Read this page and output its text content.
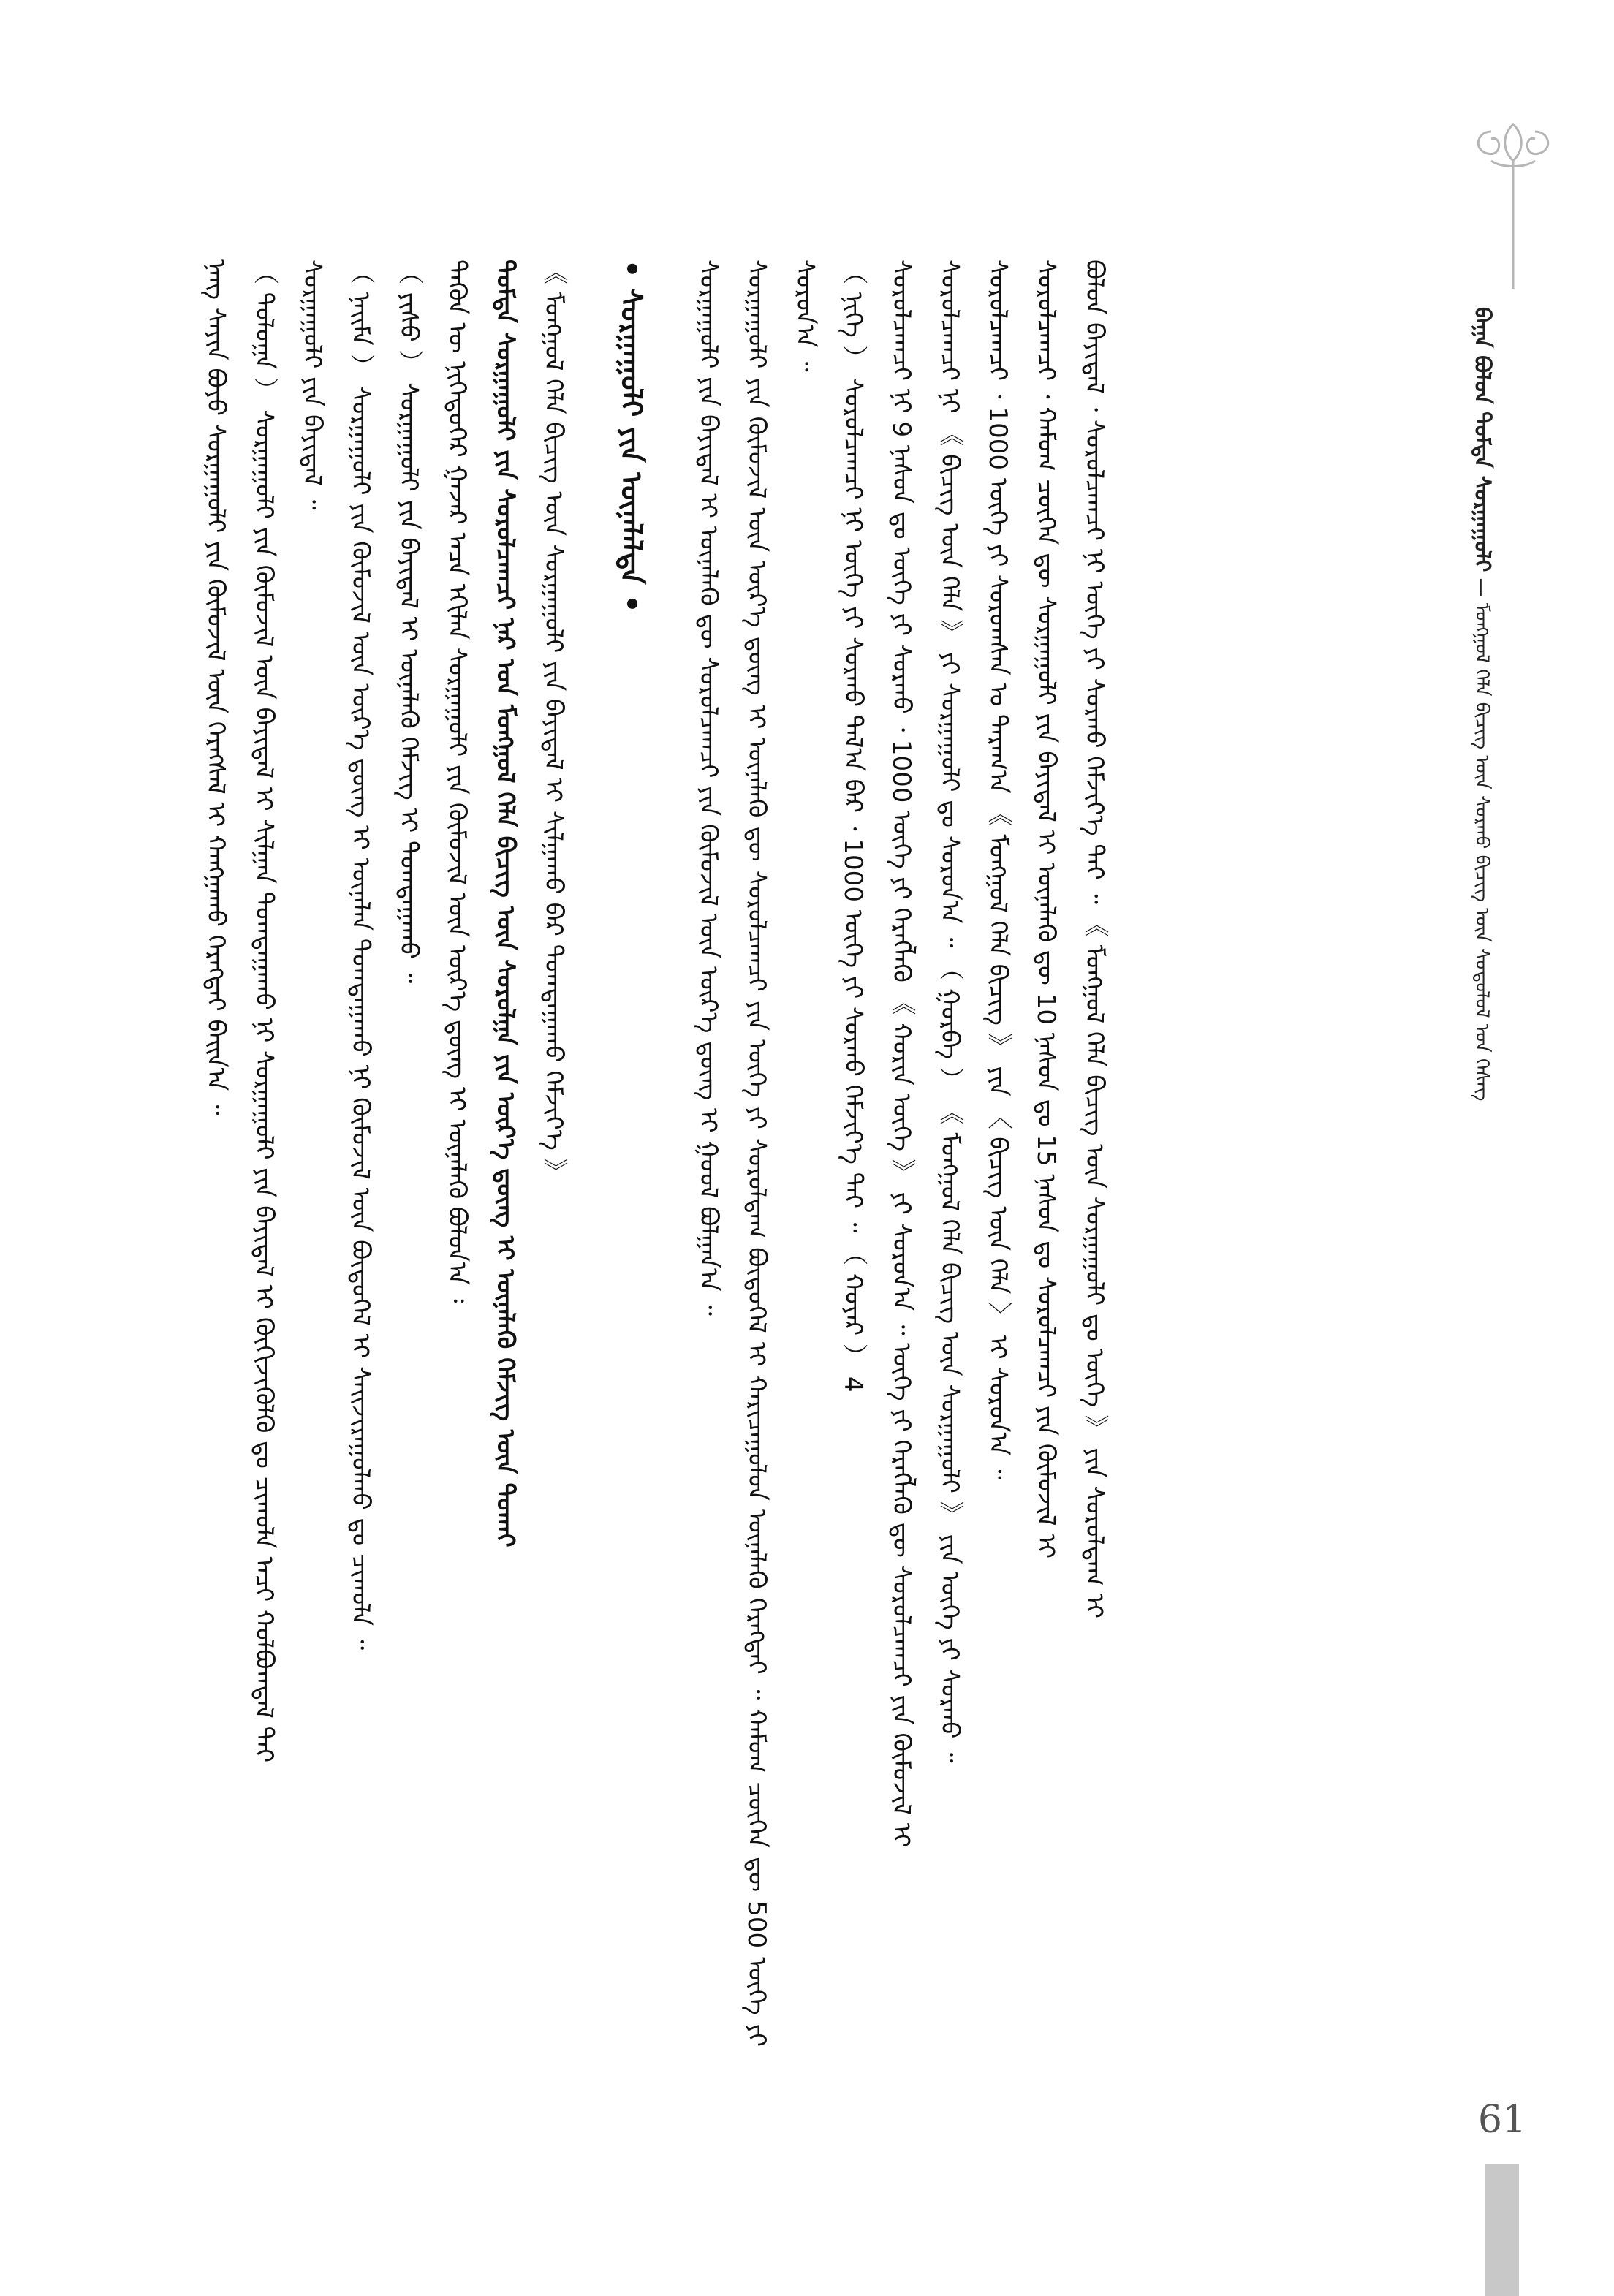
ᠪᠠᠭᠠ ᠪᠣᠯᠤᠨ ᠳᠤᠮᠳᠠ ᠰᠤᠷᠭᠠᠭᠤᠯᠢ — ᠮᠣᠩᠭᠣᠯ ᠬᠡᠯᠡ ᠪᠢᠴᠢᠭ᠌ ᠦᠨ ᠰᠤᠷᠬᠤ ᠪᠢᠴᠢᠭ᠌ ᠦᠨ ᠰᠤᠳᠤᠯᠤᠯ ᠤᠨ ᠬᠡᠰᠡᠭ

ᠨᠡᠩ ᠰᠠᠶᠢᠨ ᠪᠤᠶᠤ ᠰᠤᠷᠭᠠᠭᠤᠯᠢ ᠶᠢᠨ ᠬᠦᠮᠦᠵᠢᠯ ᠦᠨ ᠬᠡᠷᠡᠭᠰᠡᠯ ᠢ ᠬᠠᠩᠭᠠᠬᠤ ᠬᠡᠷᠡᠭᠲᠡᠢ ᠪᠠᠢᠨ᠎ᠠ ᠃ （ ᠳᠣᠯᠣᠭᠠ ） ᠰᠤᠷᠭᠠᠭᠤᠯᠢ ᠶᠢᠨ ᠬᠦᠮᠦᠵᠢᠯ ᠦᠨ ᠪᠠᠶᠢᠳᠠᠯ ᠢ ᠰᠢᠯᠭᠠᠨ ᠲᠣᠭᠲᠠᠭᠠᠬᠤ ᠨᠢ ᠰᠤᠷᠭᠠᠭᠤᠯᠢ ᠶᠢᠨ ᠪᠠᠶᠢᠳᠠᠯ ᠢ ᠬᠥᠬᠢᠵᠢᠭᠦᠯᠬᠦ ᠳᠤ ᠴᠢᠬᠤᠯᠠ ᠠᠴᠢ ᠬᠣᠯᠪᠣᠭᠳᠠᠯ ᠲᠠᠢ ᠰᠤᠷᠭᠠᠭᠤᠯᠢ ᠶᠢᠨ ᠪᠠᠶᠢᠳᠠᠯ ᠃ （ ᠨᠠᠢᠮᠠ ） ᠰᠤᠷᠭᠠᠭᠤᠯᠢ ᠶᠢᠨ ᠬᠦᠮᠦᠵᠢᠯ ᠦᠨ ᠦᠷ᠎ᠡ ᠳ᠋ᠦᠩ ᠢ ᠦᠨᠡᠯᠡᠨ ᠲᠣᠭᠲᠠᠭᠠᠬᠤ ᠨᠢ ᠬᠦᠮᠦᠵᠢᠯ ᠦᠨ ᠪᠦᠲᠦᠭᠡᠯ ᠢ ᠰᠠᠢᠵᠢᠷᠠᠭᠤᠯᠬᠤ ᠳᠤ ᠴᠢᠬᠤᠯᠠ ᠃ （ ᠶᠢᠰᠦ ） ᠰᠤᠷᠭᠠᠭᠤᠯᠢ ᠶᠢᠨ ᠪᠠᠶᠢᠳᠠᠯ ᠢ ᠦᠨᠡᠯᠡᠬᠦ ᠬᠡᠮᠵᠢᠭ᠌ ᠢ ᠲᠣᠭᠲᠠᠭᠠᠬᠤ ᠃ ᠲᠡᠭᠦᠨ ᠦ ᠨᠢᠭᠡᠳᠦᠭᠡᠷ ᠭᠠᠵᠠᠷ ᠠᠴᠠ ᠡᠬᠢᠯᠡᠨ ᠰᠤᠷᠭᠠᠭᠤᠯᠢ ᠶᠢᠨ ᠬᠦᠮᠦᠵᠢᠯ ᠦᠨ ᠦᠷ᠎ᠡ ᠳ᠋ᠦᠩ ᠢ ᠦᠨᠡᠯᠡᠬᠦ ᠪᠣᠯᠣᠨ᠎ᠠ ᠄ ᠳᠤᠮᠳᠠ ᠰᠤᠷᠭᠠᠭᠤᠯᠢ ᠶᠢᠨ ᠰᠤᠷᠤᠯᠴᠠᠭᠴᠢ ᠨᠠᠷ ᠤᠨ ᠮᠣᠩᠭᠣᠯ ᠬᠡᠯᠡ ᠪᠢᠴᠢᠭ᠌ ᠦᠨ ᠰᠤᠷᠤᠯᠭᠠ ᠶᠢᠨ ᠦᠷ᠎ᠡ ᠳ᠋ᠦᠩ ᠢ ᠦᠨᠡᠯᠡᠬᠦ ᠬᠡᠮᠵᠢᠭ᠌ ᠦᠨ ᠲᠤᠬᠠᠢ 《 ᠮᠣᠩᠭᠣᠯ ᠬᠡᠯᠡ ᠪᠢᠴᠢᠭ᠌ ᠦᠨ ᠰᠤᠷᠭᠠᠭᠤᠯᠢ ᠶᠢᠨ ᠪᠠᠶᠢᠳᠠᠯ ᠢ ᠰᠢᠯᠭᠠᠬᠤ ᠪᠠᠷ ᠲᠣᠭᠲᠠᠭᠠᠬᠤ ᠬᠡᠮᠵᠢᠶ᠎ᠡ 》	• ᠰᠤᠷᠭᠠᠭᠤᠯᠢ ᠶᠢᠨ ᠦᠨᠡᠯᠡᠯᠲᠡ •	ᠰᠤᠷᠭᠠᠭᠤᠯᠢ ᠶᠢᠨ ᠪᠠᠶᠢᠳᠠᠯ ᠢ ᠦᠨᠡᠯᠡᠬᠦ ᠳᠦ ᠰᠤᠷᠤᠯᠴᠠᠭᠴᠢ ᠶᠢᠨ ᠬᠦᠮᠦᠵᠢᠯ ᠦᠨ ᠦᠷ᠎ᠡ ᠳ᠋ᠦᠩ ᠢ ᠭᠣᠣᠯ ᠪᠣᠯᠭᠠᠨ᠎ᠠ ᠃ ᠰᠤᠷᠭᠠᠭᠤᠯᠢ ᠶᠢᠨ ᠬᠦᠮᠦᠵᠢᠯ ᠦᠨ ᠦᠷ᠎ᠡ ᠳ᠋ᠦᠩ ᠢ ᠦᠨᠡᠯᠡᠬᠦ ᠳᠦ ᠰᠤᠷᠤᠯᠴᠠᠭᠴᠢ ᠶᠢᠨ ᠦᠭᠡ ᠶᠢ ᠰᠤᠷᠤᠯᠳᠠᠭ ᠪᠦᠲᠦᠭᠡᠯ ᠢ ᠬᠠᠷᠢᠴᠠᠭᠤᠯᠤᠨ ᠦᠨᠡᠯᠡᠬᠦ ᠬᠡᠷᠡᠭᠲᠡᠢ ᠃ ᠬᠠᠮᠤᠭ ᠴᠥᠭᠡᠨ ᠳᠦ 500 ᠦᠭᠡ ᠶᠢ ᠰᠤᠷᠤᠨ᠎ᠠ ᠃ （ ᠨᠢᠭᠡ ） ᠰᠤᠷᠤᠯᠴᠠᠭᠴᠢ ᠨᠢ ᠦᠭᠡ ᠶᠢ ᠰᠤᠷᠬᠤ ᠲᠠᠯ᠎ᠠ ᠪᠠᠷ ᠂ 1000 ᠦᠭᠡ ᠶᠢ ᠰᠤᠷᠬᠤ ᠬᠡᠮᠵᠢᠶ᠎ᠡ ᠲᠠᠢ ᠃ （ ᠬᠣᠶᠠᠷ ） 4 ᠰᠤᠷᠤᠯᠴᠠᠭᠴᠢ ᠨᠢ 9 ᠨᠠᠰᠤᠨ ᠳᠤ ᠦᠭᠡ ᠶᠢ ᠰᠤᠷᠬᠤ ᠂ 1000 ᠦᠭᠡ ᠶᠢ ᠬᠡᠷᠡᠭᠯᠡᠬᠦ 《 ᠬᠣᠷᠢᠨ ᠦᠭᠡ 》 ᠶᠢ ᠰᠤᠷᠤᠨ᠎ᠠ ᠃ ᠦᠭᠡ ᠶᠢ ᠬᠡᠷᠡᠭᠯᠡᠬᠦ ᠳᠦ ᠰᠤᠷᠤᠯᠴᠠᠭᠴᠢ ᠶᠢᠨ ᠬᠦᠮᠦᠵᠢᠯ ᠢ ᠰᠤᠷᠤᠯᠴᠠᠭᠴᠢ ᠨᠢ 《 ᠪᠢᠴᠢᠭ᠌ ᠦᠨ ᠬᠡᠯᠡ 》 ᠶᠢ ᠰᠤᠷᠭᠠᠭᠤᠯᠢ ᠳᠤ ᠰᠤᠷᠤᠨ᠎ᠠ ᠃ （ ᠭᠤᠷᠪᠠ ） 《 ᠮᠣᠩᠭᠣᠯ ᠬᠡᠯᠡ ᠪᠢᠴᠢᠭ᠌ ᠦᠨ ᠰᠤᠷᠭᠠᠭᠤᠯᠢ 》 ᠶᠢᠨ ᠦᠭᠡ ᠶᠢ ᠰᠤᠷᠬᠤ ᠃ ᠰᠤᠷᠤᠯᠴᠠᠭᠴᠢ ᠂ 1000 ᠦᠭᠡ ᠶᠢ ᠰᠤᠷᠤᠭᠰᠠᠨ ᠤ ᠳᠠᠷᠠᠭ᠎ᠠ 《 ᠮᠣᠩᠭᠣᠯ ᠬᠡᠯᠡ ᠪᠢᠴᠢᠭ᠌ 》 ᠶᠢᠨ 〈 ᠪᠢᠴᠢᠭ᠌ ᠦᠨ ᠬᠡᠯᠡ 〉 ᠢ ᠰᠤᠷᠤᠨ᠎ᠠ ᠃ ᠰᠤᠷᠤᠯᠴᠠᠭᠴᠢ ᠂ ᠬᠠᠮᠤᠭ ᠴᠥᠭᠡᠨ ᠳᠦ ᠰᠤᠷᠭᠠᠭᠤᠯᠢ ᠶᠢᠨ ᠪᠠᠶᠢᠳᠠᠯ ᠢ ᠦᠨᠡᠯᠡᠬᠦ ᠳᠦ 10 ᠨᠠᠰᠤᠨ ᠳᠤ 15 ᠨᠠᠰᠤᠨ ᠳᠤ ᠰᠤᠷᠤᠯᠴᠠᠭᠴᠢ ᠶᠢᠨ ᠬᠦᠮᠦᠵᠢᠯ ᠢ ᠪᠣᠯᠤᠨ ᠪᠠᠶᠢᠳᠠᠯ ᠂ ᠰᠤᠷᠤᠯᠴᠠᠭᠴᠢ ᠨᠢ ᠦᠭᠡ ᠶᠢ ᠰᠤᠷᠬᠤ ᠬᠡᠮᠵᠢᠶ᠎ᠡ ᠲᠠᠢ ᠃ 《 ᠮᠣᠩᠭᠣᠯ ᠬᠡᠯᠡ ᠪᠢᠴᠢᠭ᠌ ᠦᠨ ᠰᠤᠷᠭᠠᠭᠤᠯᠢ ᠳᠤ ᠦᠭᠡ 》 ᠶᠢᠨ ᠰᠤᠷᠤᠯᠳᠠᠭ ᠢ

61
